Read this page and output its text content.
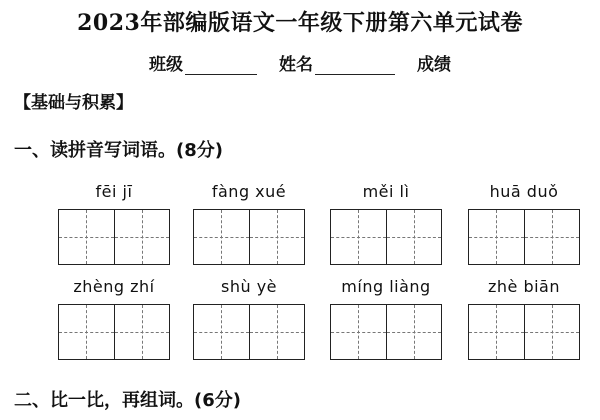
2023年部编版语文一年级下册第六单元试卷
班级	姓名	成绩
【基础与积累】
一、读拼音写词语。(8分)
fēi jī	fàng xué	měi lì	huā duǒ
zhèng zhí	shù yè	míng liàng	zhè biān
二、比一比，再组词。(6分)
